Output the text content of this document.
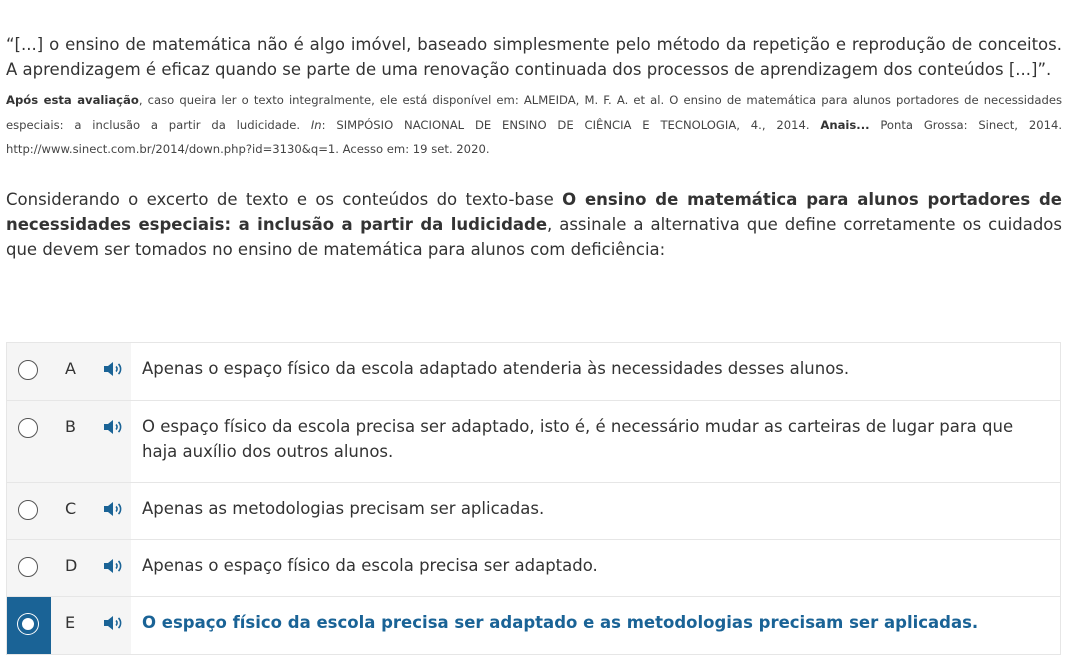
“[...] o ensino de matemática não é algo imóvel, baseado simplesmente pelo método da repetição e reprodução de conceitos. A aprendizagem é eficaz quando se parte de uma renovação continuada dos processos de aprendizagem dos conteúdos [...]”.
Após esta avaliação, caso queira ler o texto integralmente, ele está disponível em: ALMEIDA, M. F. A. et al. O ensino de matemática para alunos portadores de necessidades especiais: a inclusão a partir da ludicidade. In: SIMPÓSIO NACIONAL DE ENSINO DE CIÊNCIA E TECNOLOGIA, 4., 2014. Anais... Ponta Grossa: Sinect, 2014. http://www.sinect.com.br/2014/down.php?id=3130&q=1. Acesso em: 19 set. 2020.
Considerando o excerto de texto e os conteúdos do texto-base O ensino de matemática para alunos portadores de necessidades especiais: a inclusão a partir da ludicidade, assinale a alternativa que define corretamente os cuidados que devem ser tomados no ensino de matemática para alunos com deficiência:
A	Apenas o espaço físico da escola adaptado atenderia às necessidades desses alunos.
B	O espaço físico da escola precisa ser adaptado, isto é, é necessário mudar as carteiras de lugar para que haja auxílio dos outros alunos.
C	Apenas as metodologias precisam ser aplicadas.
D	Apenas o espaço físico da escola precisa ser adaptado.
E	O espaço físico da escola precisa ser adaptado e as metodologias precisam ser aplicadas.
